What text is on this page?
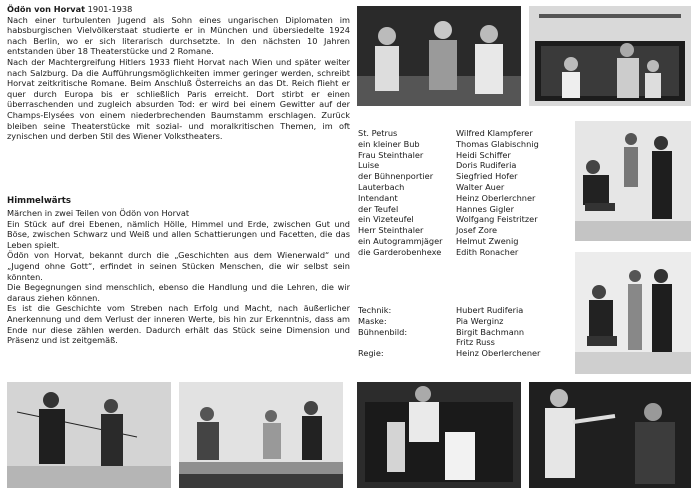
Ödön von Horvat 1901-1938

Nach einer turbulenten Jugend als Sohn eines ungarischen Diplomaten im habsburgischen Vielvölkerstaat studierte er in München und übersiedelte 1924 nach Berlin, wo er sich literarisch durchsetzte. In den nächsten 10 Jahren entstanden über 18 Theaterstücke und 2 Romane.

Nach der Machtergreifung Hitlers 1933 flieht Horvat nach Wien und später weiter nach Salzburg. Da die Aufführungsmöglichkeiten immer geringer werden, schreibt Horvat zeitkritische Romane. Beim Anschluß Österreichs an das Dt. Reich flieht er quer durch Europa bis er schließlich Paris erreicht. Dort stirbt er einen überraschenden und zugleich absurden Tod: er wird bei einem Gewitter auf der Champs-Elysées von einem niederbrechenden Baumstamm erschlagen. Zurück bleiben seine Theaterstücke mit sozial- und moralkritischen Themen, im oft zynischen und derben Stil des Wiener Volkstheaters.

Himmelwärts

Märchen in zwei Teilen von Ödön von Horvat

Ein Stück auf drei Ebenen, nämlich Hölle, Himmel und Erde, zwischen Gut und Böse, zwischen Schwarz und Weiß und allen Schattierungen und Facetten, die das Leben spielt.

Ödön von Horvat, bekannt durch die „Geschichten aus dem Wienerwald“ und „Jugend ohne Gott“, erfindet in seinen Stücken Menschen, die wir selbst sein könnten.

Die Begegnungen sind menschlich, ebenso die Handlung und die Lehren, die wir daraus ziehen können.

Es ist die Geschichte vom Streben nach Erfolg und Macht, nach äußerlicher Anerkennung und dem Verlust der inneren Werte, bis hin zur Erkenntnis, dass am Ende nur diese zählen werden. Dadurch erhält das Stück seine Dimension und Präsenz und ist zeitgemäß.

St. Petrus	Wilfred Klampferer
ein kleiner Bub	Thomas Glabischnig
Frau Steinthaler	Heidi Schiffer
Luise	Doris Rudiferia
der Bühnenportier	Siegfried Hofer
Lauterbach	Walter Auer
Intendant	Heinz Oberlerchner
der Teufel	Hannes Gigler
ein Vizeteufel	Wolfgang Feistritzer
Herr Steinthaler	Josef Zore
ein Autogrammjäger	Helmut Zwenig
die Garderobenhexe	Edith Ronacher
Technik:	Hubert Rudiferia
Maske:	Pia Werginz
Bühnenbild:	Birgit Bachmann
Fritz Russ
Regie:	Heinz Oberlerchener
